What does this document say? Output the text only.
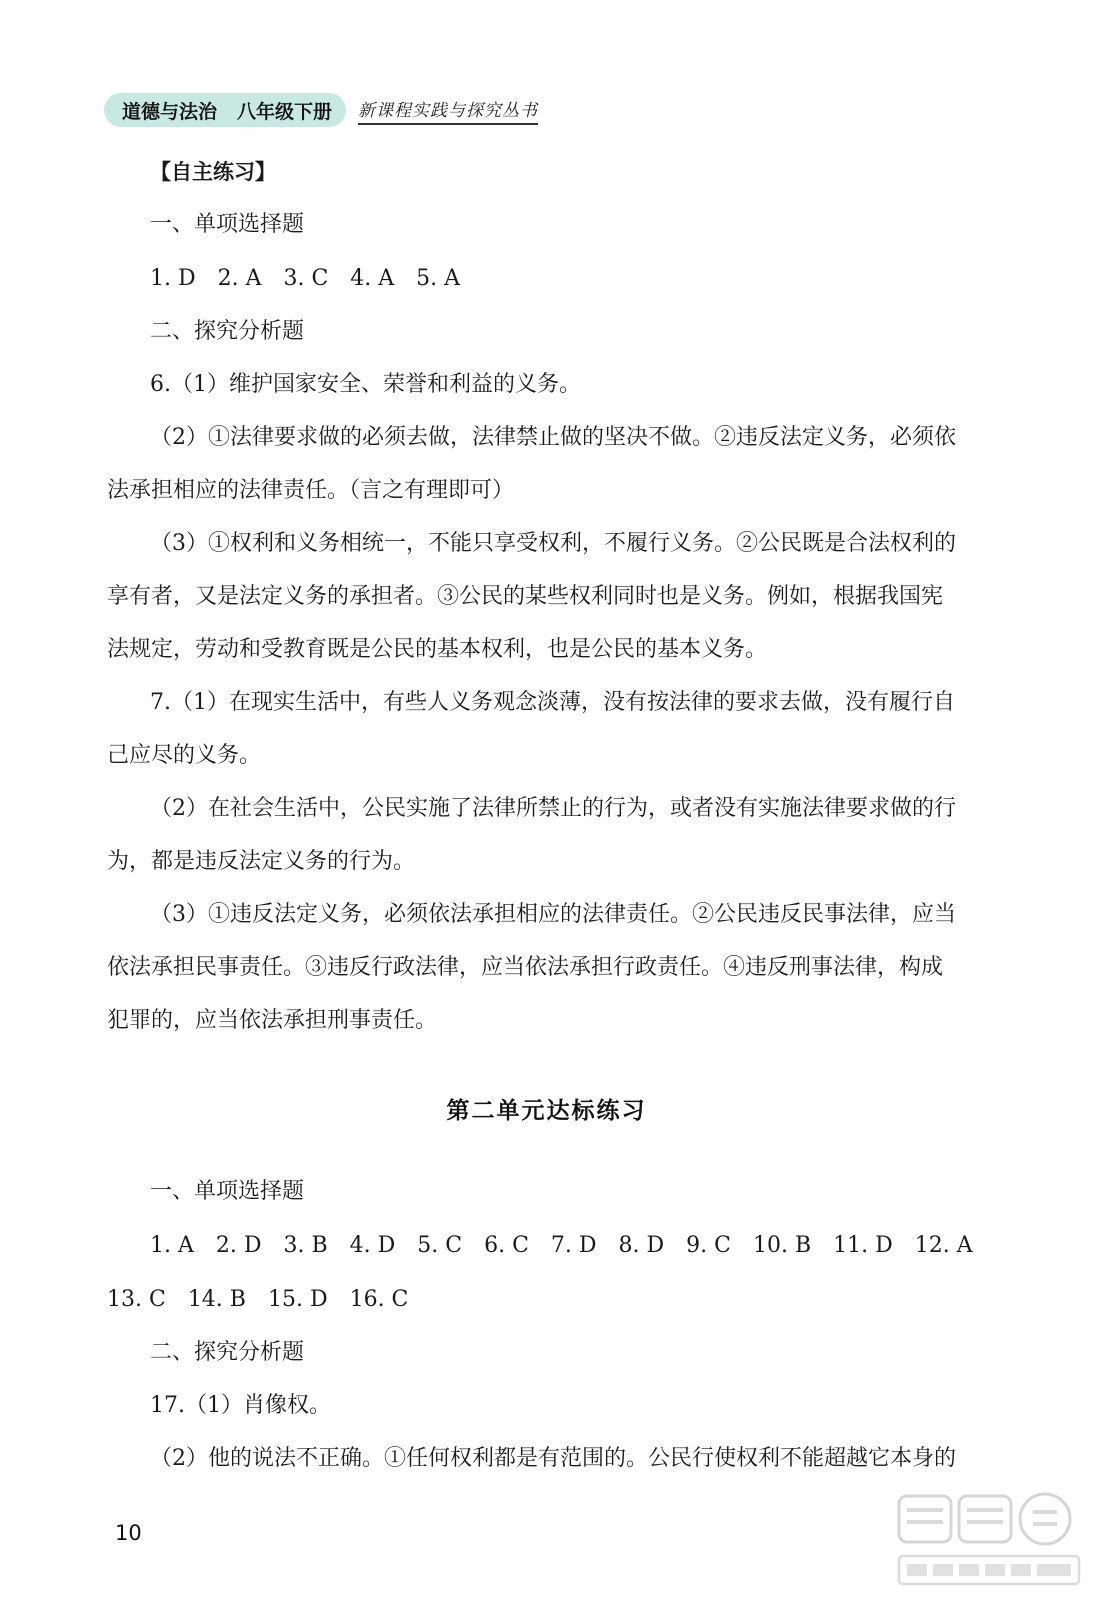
道德与法治 八年级下册 新课程实践与探究丛书
【自主练习】
一、单项选择题
1. D　2. A　3. C　4. A　5. A
二、探究分析题
6.（1）维护国家安全、荣誉和利益的义务。
（2）①法律要求做的必须去做，法律禁止做的坚决不做。②违反法定义务，必须依
法承担相应的法律责任。（言之有理即可）
（3）①权利和义务相统一，不能只享受权利，不履行义务。②公民既是合法权利的
享有者，又是法定义务的承担者。③公民的某些权利同时也是义务。例如，根据我国宪
法规定，劳动和受教育既是公民的基本权利，也是公民的基本义务。
7.（1）在现实生活中，有些人义务观念淡薄，没有按法律的要求去做，没有履行自
己应尽的义务。
（2）在社会生活中，公民实施了法律所禁止的行为，或者没有实施法律要求做的行
为，都是违反法定义务的行为。
（3）①违反法定义务，必须依法承担相应的法律责任。②公民违反民事法律，应当
依法承担民事责任。③违反行政法律，应当依法承担行政责任。④违反刑事法律，构成
犯罪的，应当依法承担刑事责任。
第二单元达标练习
一、单项选择题
1. A　2. D　3. B　4. D　5. C　6. C　7. D　8. D　9. C　10. B　11. D　12. A
13. C　14. B　15. D　16. C
二、探究分析题
17.（1）肖像权。
（2）他的说法不正确。①任何权利都是有范围的。公民行使权利不能超越它本身的
10
